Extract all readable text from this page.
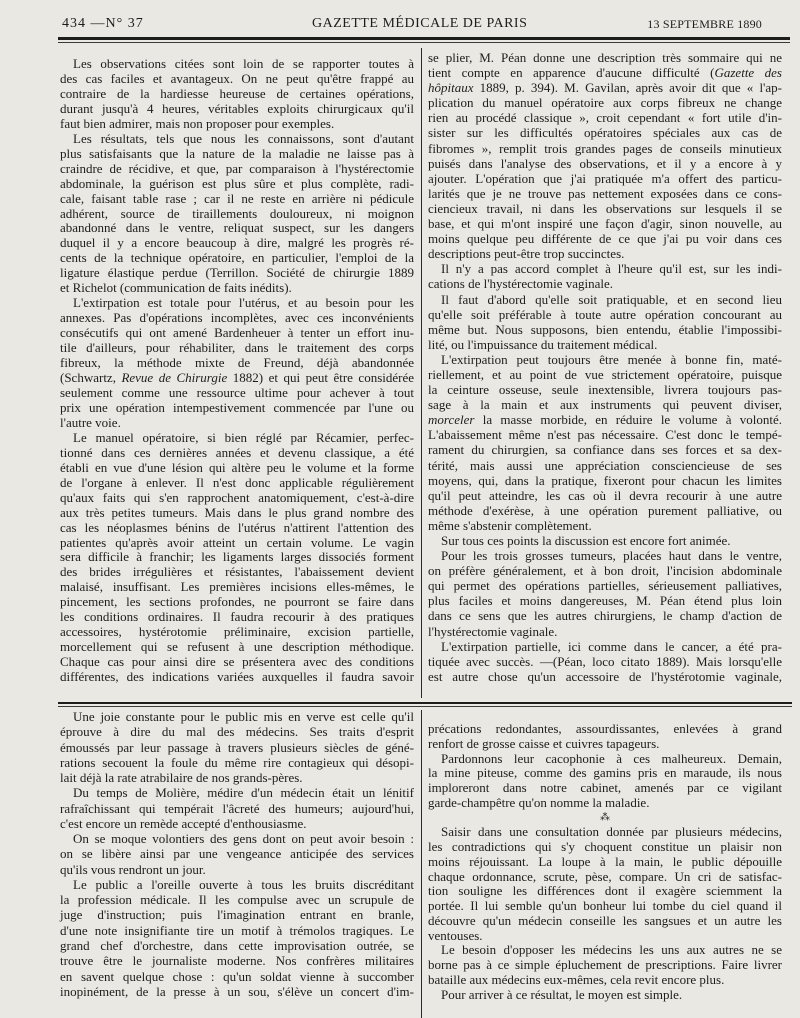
434 —N° 37	GAZETTE MÉDICALE DE PARIS	13 SEPTEMBRE 1890
Les observations citées sont loin de se rapporter toutes à
des cas faciles et avantageux. On ne peut qu'être frappé au
contraire de la hardiesse heureuse de certaines opérations,
durant jusqu'à 4 heures, véritables exploits chirurgicaux qu'il
faut bien admirer, mais non proposer pour exemples.
Les résultats, tels que nous les connaissons, sont d'autant
plus satisfaisants que la nature de la maladie ne laisse pas à
craindre de récidive, et que, par comparaison à l'hystérectomie
abdominale, la guérison est plus sûre et plus complète, radi-
cale, faisant table rase ; car il ne reste en arrière ni pédicule
adhérent, source de tiraillements douloureux, ni moignon
abandonné dans le ventre, reliquat suspect, sur les dangers
duquel il y a encore beaucoup à dire, malgré les progrès ré-
cents de la technique opératoire, en particulier, l'emploi de la
ligature élastique perdue (Terrillon. Société de chirurgie 1889
et Richelot (communication de faits inédits).
L'extirpation est totale pour l'utérus, et au besoin pour les
annexes. Pas d'opérations incomplètes, avec ces inconvénients
consécutifs qui ont amené Bardenheuer à tenter un effort inu-
tile d'ailleurs, pour réhabiliter, dans le traitement des corps
fibreux, la méthode mixte de Freund, déjà abandonnée
(Schwartz, Revue de Chirurgie 1882) et qui peut être considérée
seulement comme une ressource ultime pour achever à tout
prix une opération intempestivement commencée par l'une ou
l'autre voie.
Le manuel opératoire, si bien réglé par Récamier, perfec-
tionné dans ces dernières années et devenu classique, a été
établi en vue d'une lésion qui altère peu le volume et la forme
de l'organe à enlever. Il n'est donc applicable régulièrement
qu'aux faits qui s'en rapprochent anatomiquement, c'est-à-dire
aux très petites tumeurs. Mais dans le plus grand nombre des
cas les néoplasmes bénins de l'utérus n'attirent l'attention des
patientes qu'après avoir atteint un certain volume. Le vagin
sera difficile à franchir; les ligaments larges dissociés forment
des brides irrégulières et résistantes, l'abaissement devient
malaisé, insuffisant. Les premières incisions elles-mêmes, le
pincement, les sections profondes, ne pourront se faire dans
les conditions ordinaires. Il faudra recourir à des pratiques
accessoires, hystérotomie préliminaire, excision partielle,
morcellement qui se refusent à une description méthodique.
Chaque cas pour ainsi dire se présentera avec des conditions
différentes, des indications variées auxquelles il faudra savoir
se plier, M. Péan donne une description très sommaire qui ne
tient compte en apparence d'aucune difficulté (Gazette des
hôpitaux 1889, p. 394). M. Gavilan, après avoir dit que « l'ap-
plication du manuel opératoire aux corps fibreux ne change
rien au procédé classique », croit cependant « fort utile d'in-
sister sur les difficultés opératoires spéciales aux cas de
fibromes », remplit trois grandes pages de conseils minutieux
puisés dans l'analyse des observations, et il y a encore à y
ajouter. L'opération que j'ai pratiquée m'a offert des particu-
larités que je ne trouve pas nettement exposées dans ce cons-
ciencieux travail, ni dans les observations sur lesquels il se
base, et qui m'ont inspiré une façon d'agir, sinon nouvelle, au
moins quelque peu différente de ce que j'ai pu voir dans ces
descriptions peut-être trop succinctes.
Il n'y a pas accord complet à l'heure qu'il est, sur les indi-
cations de l'hystérectomie vaginale.
Il faut d'abord qu'elle soit pratiquable, et en second lieu
qu'elle soit préférable à toute autre opération concourant au
même but. Nous supposons, bien entendu, établie l'impossibi-
lité, ou l'impuissance du traitement médical.
L'extirpation peut toujours être menée à bonne fin, maté-
riellement, et au point de vue strictement opératoire, puisque
la ceinture osseuse, seule inextensible, livrera toujours pas-
sage à la main et aux instruments qui peuvent diviser,
morceler la masse morbide, en réduire le volume à volonté.
L'abaissement même n'est pas nécessaire. C'est donc le tempé-
rament du chirurgien, sa confiance dans ses forces et sa dex-
térité, mais aussi une appréciation consciencieuse de ses
moyens, qui, dans la pratique, fixeront pour chacun les limites
qu'il peut atteindre, les cas où il devra recourir à une autre
méthode d'exérèse, à une opération purement palliative, ou
même s'abstenir complètement.
Sur tous ces points la discussion est encore fort animée.
Pour les trois grosses tumeurs, placées haut dans le ventre,
on préfère généralement, et à bon droit, l'incision abdominale
qui permet des opérations partielles, sérieusement palliatives,
plus faciles et moins dangereuses, M. Péan étend plus loin
dans ce sens que les autres chirurgiens, le champ d'action de
l'hystérectomie vaginale.
L'extirpation partielle, ici comme dans le cancer, a été pra-
tiquée avec succès. —(Péan, loco citato 1889). Mais lorsqu'elle
est autre chose qu'un accessoire de l'hystérotomie vaginale,
Une joie constante pour le public mis en verve est celle qu'il
éprouve à dire du mal des médecins. Ses traits d'esprit
émoussés par leur passage à travers plusieurs siècles de géné-
rations secouent la foule du même rire contagieux qui désopi-
lait déjà la rate atrabilaire de nos grands-pères.
Du temps de Molière, médire d'un médecin était un lénitif
rafraîchissant qui tempérait l'âcreté des humeurs; aujourd'hui,
c'est encore un remède accepté d'enthousiasme.
On se moque volontiers des gens dont on peut avoir besoin :
on se libère ainsi par une vengeance anticipée des services
qu'ils vous rendront un jour.
Le public a l'oreille ouverte à tous les bruits discréditant
la profession médicale. Il les compulse avec un scrupule de
juge d'instruction; puis l'imagination entrant en branle,
d'une note insignifiante tire un motif à trémolos tragiques. Le
grand chef d'orchestre, dans cette improvisation outrée, se
trouve être le journaliste moderne. Nos confrères militaires
en savent quelque chose : qu'un soldat vienne à succomber
inopinément, de la presse à un sou, s'élève un concert d'im-
précations redondantes, assourdissantes, enlevées à grand
renfort de grosse caisse et cuivres tapageurs.
Pardonnons leur cacophonie à ces malheureux. Demain,
la mine piteuse, comme des gamins pris en maraude, ils nous
imploreront dans notre cabinet, amenés par ce vigilant
garde-champêtre qu'on nomme la maladie.
⁂
Saisir dans une consultation donnée par plusieurs médecins,
les contradictions qui s'y choquent constitue un plaisir non
moins réjouissant. La loupe à la main, le public dépouille
chaque ordonnance, scrute, pèse, compare. Un cri de satisfac-
tion souligne les différences dont il exagère sciemment la
portée. Il lui semble qu'un bonheur lui tombe du ciel quand il
découvre qu'un médecin conseille les sangsues et un autre les
ventouses.
Le besoin d'opposer les médecins les uns aux autres ne se
borne pas à ce simple épluchement de prescriptions. Faire livrer
bataille aux médecins eux-mêmes, cela revit encore plus.
Pour arriver à ce résultat, le moyen est simple.
